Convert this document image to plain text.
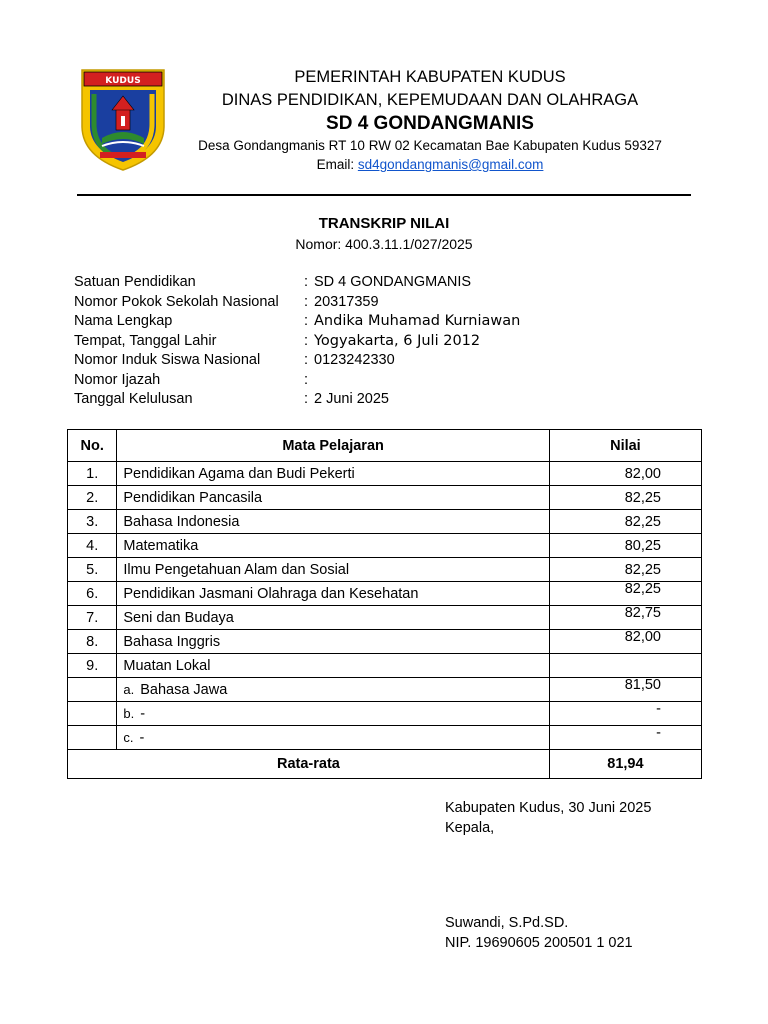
KUDUS	PEMERINTAH KABUPATEN KUDUS
DINAS PENDIDIKAN, KEPEMUDAAN DAN OLAHRAGA
SD 4 GONDANGMANIS
Desa Gondangmanis RT 10 RW 02 Kecamatan Bae Kabupaten Kudus 59327
Email: sd4gondangmanis@gmail.com
TRANSKRIP NILAI
Nomor: 400.3.11.1/027/2025
Satuan Pendidikan	: SD 4 GONDANGMANIS
Nomor Pokok Sekolah Nasional : 20317359
Nama Lengkap	: Andika Muhamad Kurniawan
Tempat, Tanggal Lahir	: Yogyakarta, 6 Juli 2012
Nomor Induk Siswa Nasional	: 0123242330
Nomor Ijazah	:
Tanggal Kelulusan	: 2 Juni 2025
No.	Mata Pelajaran	Nilai
1.	Pendidikan Agama dan Budi Pekerti	82,00
2.	Pendidikan Pancasila	82,25
3.	Bahasa Indonesia	82,25
4.	Matematika	80,25
5.	Ilmu Pengetahuan Alam dan Sosial	82,25
6.	Pendidikan Jasmani Olahraga dan Kesehatan	82,25
7.	Seni dan Budaya	82,75
8.	Bahasa Inggris	82,00
9.	Muatan Lokal	
	a. Bahasa Jawa	81,50
	b. -	-
	c. -	-
Rata-rata		81,94
Kabupaten Kudus, 30 Juni 2025
Kepala,
Suwandi, S.Pd.SD.
NIP. 19690605 200501 1 021
